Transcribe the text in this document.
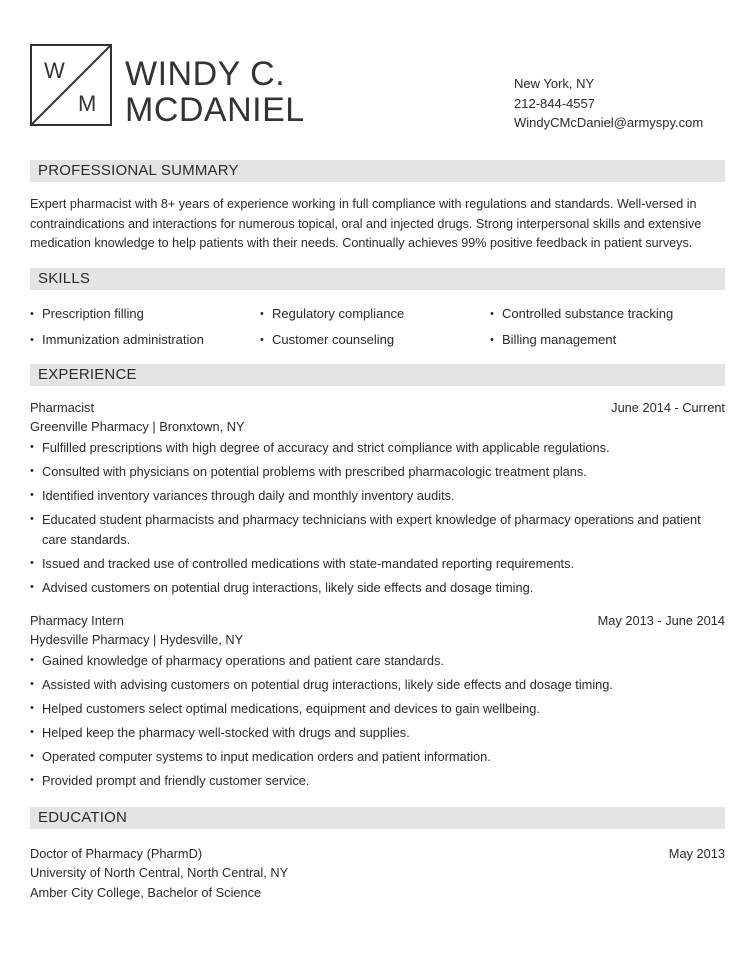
W
M
WINDY C.
MCDANIEL
New York, NY
212-844-4557
WindyCMcDaniel@armyspy.com
PROFESSIONAL SUMMARY
Expert pharmacist with 8+ years of experience working in full compliance with regulations and standards. Well-versed in contraindications and interactions for numerous topical, oral and injected drugs. Strong interpersonal skills and extensive medication knowledge to help patients with their needs. Continually achieves 99% positive feedback in patient surveys.
SKILLS
• Prescription filling	• Regulatory compliance	• Controlled substance tracking
• Immunization administration	• Customer counseling	• Billing management
EXPERIENCE
Pharmacist	June 2014 - Current
Greenville Pharmacy | Bronxtown, NY
• Fulfilled prescriptions with high degree of accuracy and strict compliance with applicable regulations.
• Consulted with physicians on potential problems with prescribed pharmacologic treatment plans.
• Identified inventory variances through daily and monthly inventory audits.
• Educated student pharmacists and pharmacy technicians with expert knowledge of pharmacy operations and patient care standards.
• Issued and tracked use of controlled medications with state-mandated reporting requirements.
• Advised customers on potential drug interactions, likely side effects and dosage timing.
Pharmacy Intern	May 2013 - June 2014
Hydesville Pharmacy | Hydesville, NY
• Gained knowledge of pharmacy operations and patient care standards.
• Assisted with advising customers on potential drug interactions, likely side effects and dosage timing.
• Helped customers select optimal medications, equipment and devices to gain wellbeing.
• Helped keep the pharmacy well-stocked with drugs and supplies.
• Operated computer systems to input medication orders and patient information.
• Provided prompt and friendly customer service.
EDUCATION
Doctor of Pharmacy (PharmD)	May 2013
University of North Central, North Central, NY
Amber City College, Bachelor of Science
